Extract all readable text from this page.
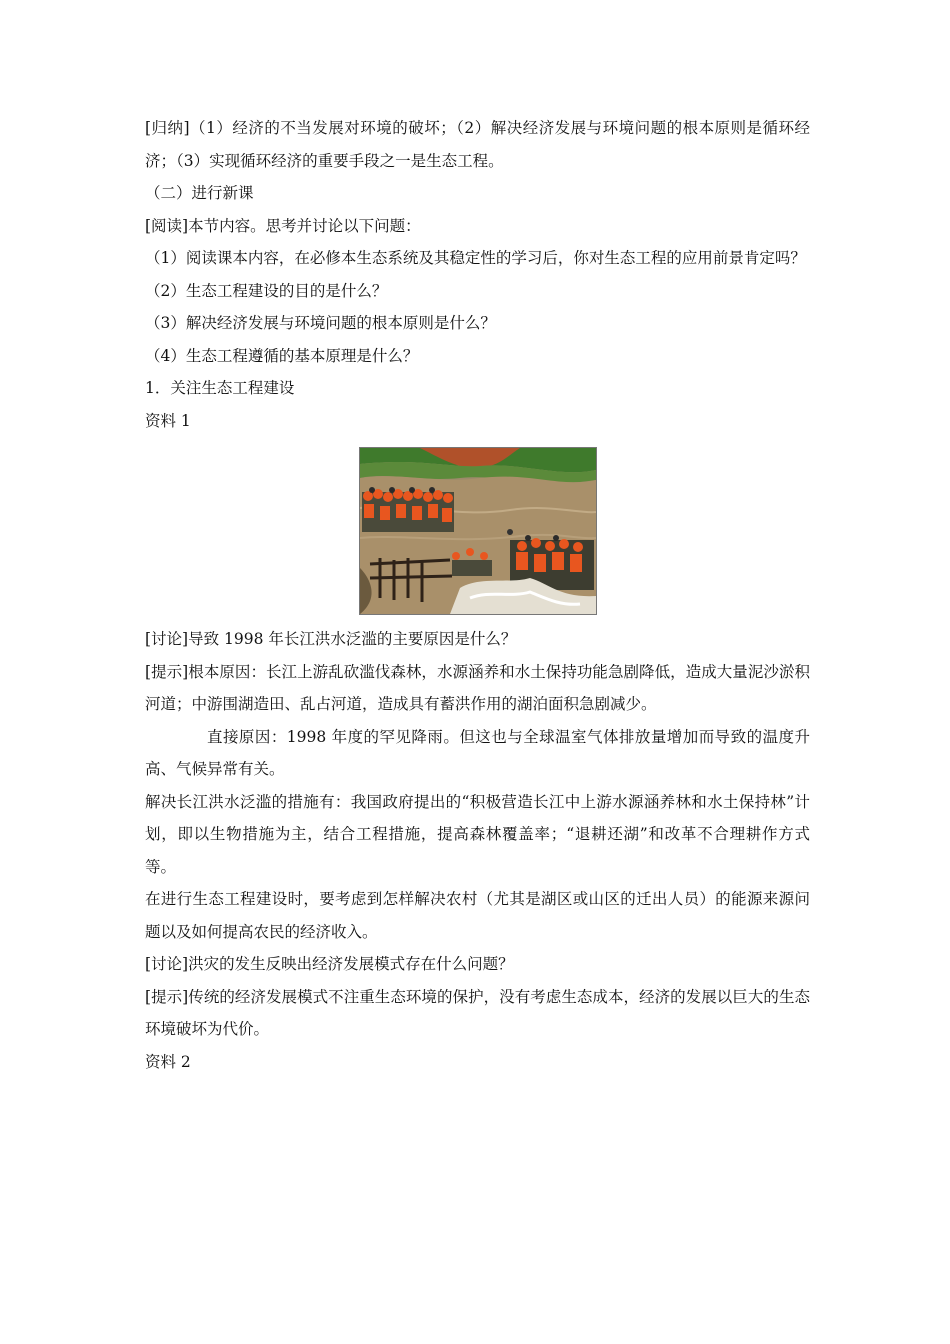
[归纳]（1）经济的不当发展对环境的破坏；（2）解决经济发展与环境问题的根本原则是循环经济；（3）实现循环经济的重要手段之一是生态工程。

（二）进行新课

[阅读]本节内容。思考并讨论以下问题：

（1）阅读课本内容，在必修本生态系统及其稳定性的学习后，你对生态工程的应用前景肯定吗？

（2）生态工程建设的目的是什么？

（3）解决经济发展与环境问题的根本原则是什么？

（4）生态工程遵循的基本原理是什么？

1．关注生态工程建设

资料 1

[讨论]导致 1998 年长江洪水泛滥的主要原因是什么？

[提示]根本原因：长江上游乱砍滥伐森林，水源涵养和水土保持功能急剧降低，造成大量泥沙淤积河道；中游围湖造田、乱占河道，造成具有蓄洪作用的湖泊面积急剧减少。

直接原因：1998 年度的罕见降雨。但这也与全球温室气体排放量增加而导致的温度升高、气候异常有关。

解决长江洪水泛滥的措施有：我国政府提出的“积极营造长江中上游水源涵养林和水土保持林”计划，即以生物措施为主，结合工程措施，提高森林覆盖率；“退耕还湖”和改革不合理耕作方式等。

在进行生态工程建设时，要考虑到怎样解决农村（尤其是湖区或山区的迁出人员）的能源来源问题以及如何提高农民的经济收入。

[讨论]洪灾的发生反映出经济发展模式存在什么问题？

[提示]传统的经济发展模式不注重生态环境的保护，没有考虑生态成本，经济的发展以巨大的生态环境破坏为代价。

资料 2
